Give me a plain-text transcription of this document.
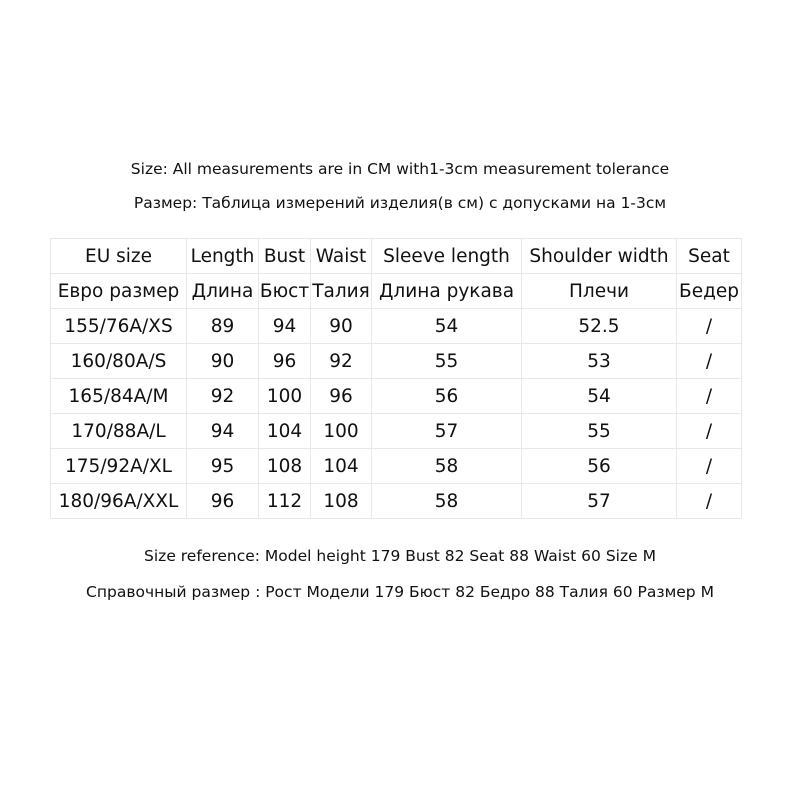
Size: All measurements are in CM with1-3cm measurement tolerance
Размер: Таблица измерений изделия(в см) с допусками на 1-3см
EU size	Length	Bust	Waist	Sleeve length	Shoulder width	Seat
Евро размер	Длина	Бюст	Талия	Длина рукава	Плечи	Бедер
155/76A/XS	89	94	90	54	52.5	/
160/80A/S	90	96	92	55	53	/
165/84A/M	92	100	96	56	54	/
170/88A/L	94	104	100	57	55	/
175/92A/XL	95	108	104	58	56	/
180/96A/XXL	96	112	108	58	57	/
Size reference: Model height 179 Bust 82 Seat 88 Waist 60 Size M
Справочный размер : Рост Модели 179 Бюст 82 Бедро 88 Талия 60 Размер M
